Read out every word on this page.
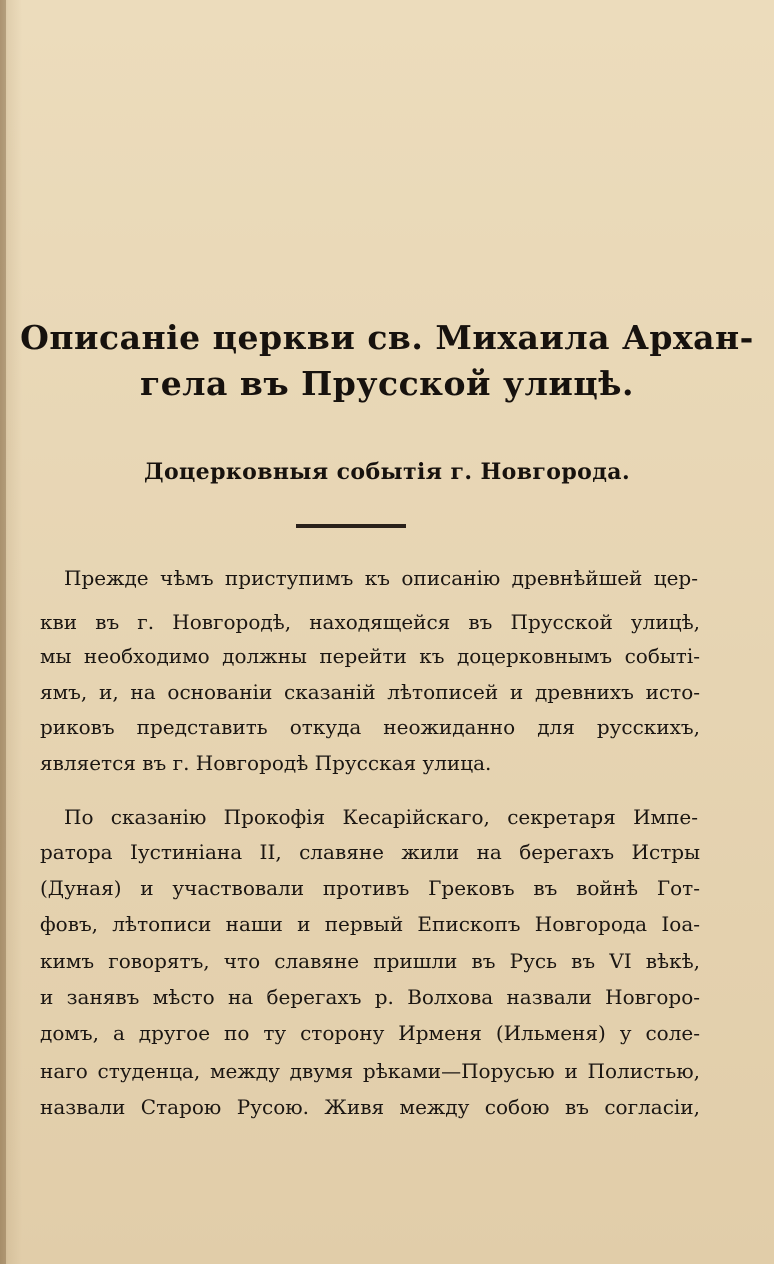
Описаніе церкви св. Михаила Архан-
гела въ Прусской улицѣ.
Доцерковныя событія г. Новгорода.
Прежде чѣмъ приступимъ къ описанію древнѣйшей цер-
кви въ г. Новгородѣ, находящейся въ Прусской улицѣ,
мы необходимо должны перейти къ доцерковнымъ событі-
ямъ, и, на основаніи сказаній лѣтописей и древнихъ исто-
риковъ представить откуда неожиданно для русскихъ,
является въ г. Новгородѣ Прусская улица.
По сказанію Прокофія Кесарійскаго, секретаря Импе-
ратора Іустиніана II, славяне жили на берегахъ Истры
(Дуная) и участвовали противъ Грековъ въ войнѣ Гот-
фовъ, лѣтописи наши и первый Епископъ Новгорода Іоа-
кимъ говорятъ, что славяне пришли въ Русь въ VI вѣкѣ,
и занявъ мѣсто на берегахъ р. Волхова назвали Новгоро-
домъ, а другое по ту сторону Ирменя (Ильменя) у соле-
наго студенца, между двумя рѣками—Порусью и Полистью,
назвали Старою Русою. Живя между собою въ согласіи,
